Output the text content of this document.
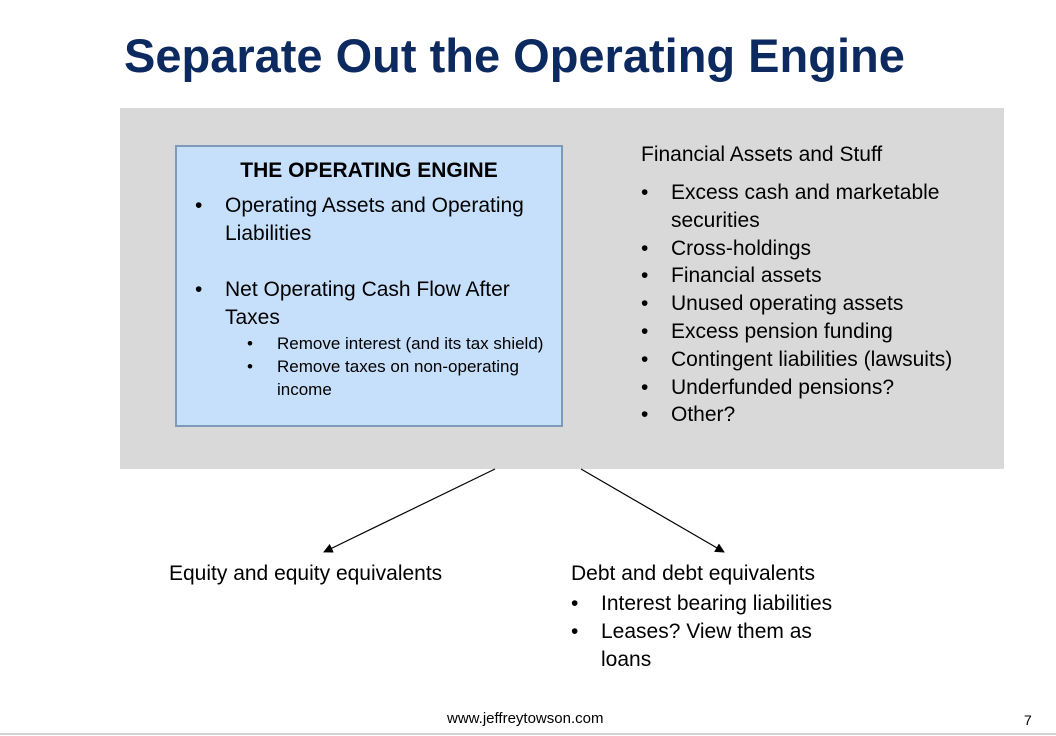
Separate Out the Operating Engine
THE OPERATING ENGINE
• Operating Assets and Operating Liabilities
• Net Operating Cash Flow After Taxes
• Remove interest (and its tax shield)
• Remove taxes on non-operating income
Financial Assets and Stuff
• Excess cash and marketable securities
• Cross-holdings
• Financial assets
• Unused operating assets
• Excess pension funding
• Contingent liabilities (lawsuits)
• Underfunded pensions?
• Other?
Equity and equity equivalents	Debt and debt equivalents
• Interest bearing liabilities
• Leases? View them as loans
www.jeffreytowson.com	7
